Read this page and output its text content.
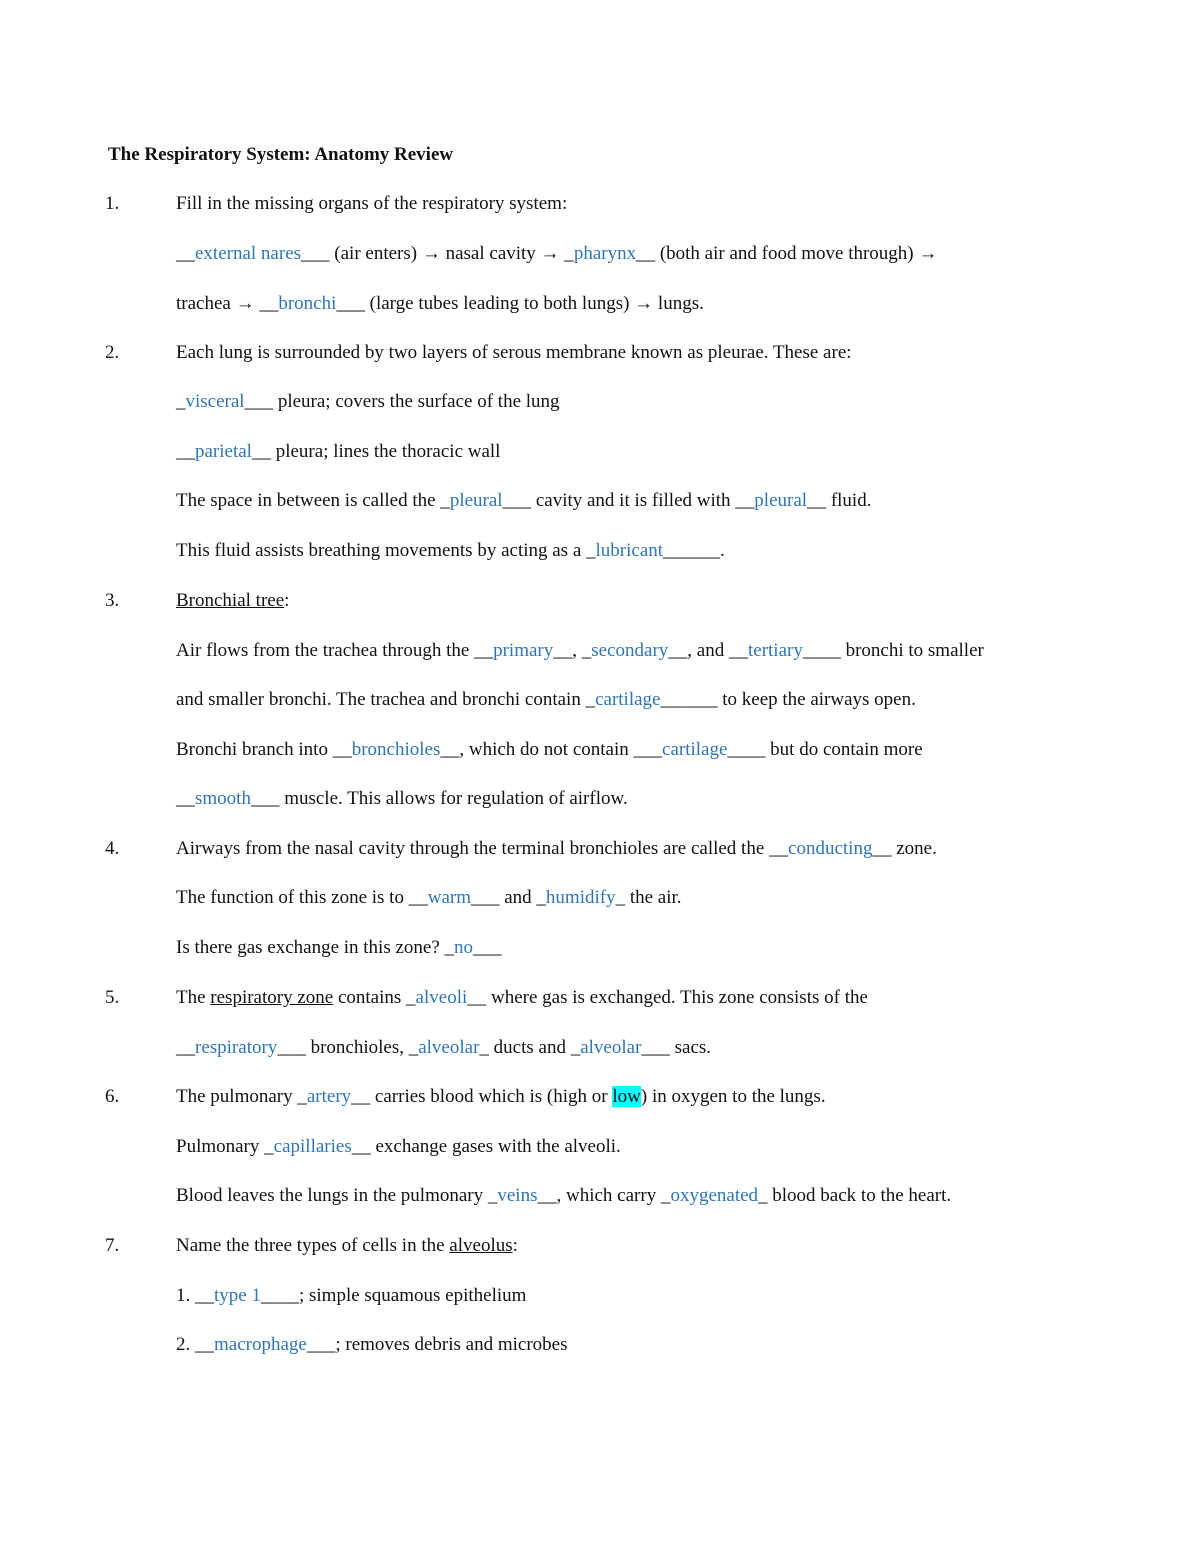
The Respiratory System: Anatomy Review
1.	Fill in the missing organs of the respiratory system:
__external nares___ (air enters) → nasal cavity → _pharynx__ (both air and food move through) →
trachea → __bronchi___ (large tubes leading to both lungs) → lungs.
2.	Each lung is surrounded by two layers of serous membrane known as pleurae. These are:
_visceral___ pleura; covers the surface of the lung
__parietal__ pleura; lines the thoracic wall
The space in between is called the _pleural___ cavity and it is filled with __pleural__ fluid.
This fluid assists breathing movements by acting as a _lubricant______.
3.	Bronchial tree:
Air flows from the trachea through the __primary__, _secondary__, and __tertiary____ bronchi to smaller
and smaller bronchi. The trachea and bronchi contain _cartilage______ to keep the airways open.
Bronchi branch into __bronchioles__, which do not contain ___cartilage____ but do contain more
__smooth___ muscle. This allows for regulation of airflow.
4.	Airways from the nasal cavity through the terminal bronchioles are called the __conducting__ zone.
The function of this zone is to __warm___ and _humidify_ the air.
Is there gas exchange in this zone? _no___
5.	The respiratory zone contains _alveoli__ where gas is exchanged. This zone consists of the
__respiratory___ bronchioles, _alveolar_ ducts and _alveolar___ sacs.
6.	The pulmonary _artery__ carries blood which is (high or low) in oxygen to the lungs.
Pulmonary _capillaries__ exchange gases with the alveoli.
Blood leaves the lungs in the pulmonary _veins__, which carry _oxygenated_ blood back to the heart.
7.	Name the three types of cells in the alveolus:
1. __type 1____; simple squamous epithelium
2. __macrophage___; removes debris and microbes
